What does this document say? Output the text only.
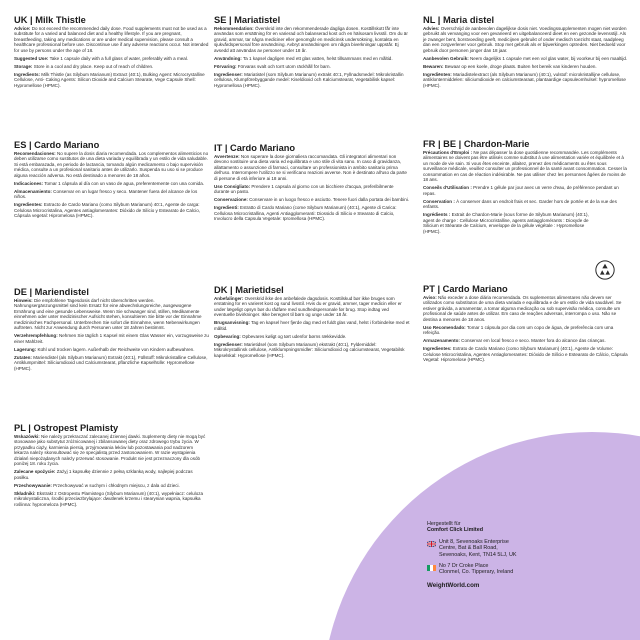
UK | Milk Thistle
Advice: Do not exceed the recommended daily dose. Food supplements must not be used as a substitute for a varied and balanced diet and a healthy lifestyle. If you are pregnant, breastfeeding, taking any medications or are under medical supervision, please consult a healthcare professional before use. Discontinue use if any adverse reactions occur. Not intended for use by persons under the age of 18.
Suggested Use: Take 1 capsule daily with a full glass of water, preferably with a meal.
Storage: Store in a cool and dry place. Keep out of reach of children.
Ingredients: Milk Thistle (as Silybum Marianum) Extract (40:1), Bulking Agent: Microcrystalline Cellulose, Anti- Caking Agents: Silicon Dioxide and Calcium Stearate, Vege Capsule Shell: Hypromellose (HPMC).
ES | Cardo Mariano
Recomendaciones: No supere la dosis diaria recomendada. Los complementos alimenticios no deben utilizarse como sustitutos de una dieta variada y equilibrada y un estilo de vida saludable. Si está embarazada, en periodo de lactancia, tomando algún medicamento o bajo supervisión médica, consulte a un profesional sanitario antes de utilizarlo. Suspenda su uso si se produce alguna reacción adversa. No está destinado a menores de 18 años.
Indicaciones: Tomar 1 cápsula al día con un vaso de agua, preferentemente con una comida.
Almacenamiento: Conservar en un lugar fresco y seco. Mantener fuera del alcance de los niños.
Ingredientes: Extracto de Cardo Mariano (como Silybum Marianum) 40:1, Agente de carga: Celulosa Microcristalina, Agentes antiaglomerantes: Dióxido de Silicio y Estearato de Calcio, Cápsula vegetal: Hipromelosa (HPMC).
DE | Mariendistel
Hinweis: Die empfohlene Tagesdosis darf nicht überschritten werden. Nahrungsergänzungsmittel sind kein Ersatz für eine abwechslungsreiche, ausgewogene Ernährung und eine gesunde Lebensweise. Wenn Sie schwanger sind, stillen, Medikamente einnehmen oder unter medizinischer Aufsicht stehen, konsultieren Sie bitte vor der Einnahme medizinisches Fachpersonal. Unterbrechen Sie sofort die Einnahme, wenn Nebenwirkungen auftreten. Nicht zur Anwendung durch Personen unter 18 Jahren bestimmt.
Verzehrempfehlung: Nehmen Sie täglich 1 Kapsel mit einem Glas Wasser ein, vorzugsweise zu einer Mahlzeit.
Lagerung: Kühl und trocken lagern. Außerhalb der Reichweite von Kindern aufbewahren.
Zutaten: Mariendistel (als Silybum Marianum) Extrakt (40:1), Füllstoff: Mikrokristalline Cellulose, Antiklumpmittel: Siliciumdioxid und Calciumstearat, pflanzliche Kapselhülle: Hypromellose (HPMC).
PL | Ostropest Plamisty
Wskazówki: Nie należy przekraczać zalecanej dziennej dawki. Suplementy diety nie mogą być stosowane jako substytut zróżnicowanej i zbilansowanej diety oraz zdrowego trybu życia. W przypadku ciąży, karmienia piersią, przyjmowania leków lub pozostawania pod nadzorem lekarza należy skonsultować się ze specjalistą przed zastosowaniem. W razie wystąpienia działań niepożądanych należy przerwać stosowanie. Produkt nie jest przeznaczony dla osób poniżej 18. roku życia.
Zalecane spożycie: Zażyj 1 kapsułkę dziennie z pełną szklanką wody, najlepiej podczas posiłku.
Przechowywanie: Przechowywać w suchym i chłodnym miejscu, z dala od dzieci.
Składniki: Ekstrakt z Ostropestu Plamistego (Silybum Marianum) (40:1), wypełniacz: celuloza mikrokrystaliczna, środki przeciwzbrylające: dwutlenek krzemu i stearynian wapnia, kapsułka roślinna: hypromeloza (HPMC).
SE | Mariatistel
Rekommendation: Överskrid inte den rekommenderade dagliga dosen. Kosttillskott får inte användas som ersättning för en varierad och balanserad kost och en hälsosam livsstil. Om du är gravid, ammar, tar några mediciner eller genomgår en medicinsk undersökning, kontakta en sjukvårdspersonal före användning. Avbryt användningen om några biverkningar uppstår. Ej avsedd att användas av personer under 18 år.
Användning: Ta 1 kapsel dagligen med ett glas vatten, helst tillsammans med en måltid.
Förvaring: Förvaras svalt och torrt utom räckhåll för barn.
Ingredienser: Mariatistel (som Silybum Marianum) extrakt 40:1, Fyllnadsmedel: Mikrokristallin cellulosa, Klumpförebyggande medel: Kiseldioxid och Kalciumstearat, Vegetabilisk kapsel: Hypromellosa (HPMC).
IT | Cardo Mariano
Avvertenze: Non superare la dose giornaliera raccomandata. Gli integratori alimentari non devono sostituire una dieta varia ed equilibrata e uno stile di vita sano. In caso di gravidanza, allattamento o assunzione di farmaci, consultare un professionista in ambito sanitario prima dell'uso. Interrompere l'utilizzo se si verificano reazioni avverse. Non è destinato all'uso da parte di persone di età inferiore ai 18 anni.
Uso Consigliato: Prendere 1 capsula al giorno con un bicchiere d'acqua, preferibilmente durante un pasto.
Conservazione: Conservare in un luogo fresco e asciutto. Tenere fuori dalla portata dei bambini.
Ingredienti: Estratto di Cardo Mariano (come Silybum Marianum) (40:1), Agente di Carica: Cellulosa Microcristallina, Agenti Antiagglomeranti: Diossido di Silicio e Stearato di Calcio, Involucro della Capsula Vegetale: Ipromellosa (HPMC).
DK | Marietidsel
Anbefalinger: Overskrid ikke den anbefalede dagsdosis. Kosttilskud bør ikke bruges som erstatning for en varieret kost og sund livsstil. Hvis du er gravid, ammer, tager medicin eller er under lægeligt opsyn bør du rådføre med sundhedspersonale før brug. Stop indtag ved eventuelle bivirkninger. Ikke beregnet til børn og unge under 18 år.
Brugsanvisning: Tag en kapsel hver fjerde dag med et fuldt glas vand, helst i forbindelse med et måltid.
Opbevaring: Opbevares køligt og tørt udenfor børns rækkevidde.
Ingredienser: Marietidsel (som Silybum Marianum) ekstrakt (40:1), Fyldemiddel: Mikrokrystallinsk cellulose, Antiklumpningsmidler: Siliciumdioxid og calciumstearat, Vegetabilsk kapselskal: Hypromellose (HPMC).
NL | Maria distel
Advies: Overschrijd de aanbevolen dagelijkse dosis niet. Voedingssupplementen mogen niet worden gebruikt als vervanging voor een gevarieerd en uitgebalanceerd dieet en een gezonde levensstijl. Als je zwanger bent, borstvoeding geeft, medicijnen gebruikt of onder medisch toezicht staat, raadpleeg dan een zorgverlener voor gebruik. Stop met gebruik als er bijwerkingen optreden. Niet bedoeld voor gebruik door personen jonger dan 18 jaar.
Aanbevolen Gebruik: Neem dagelijks 1 capsule met een vol glas water, bij voorkeur bij een maaltijd.
Bewaren: Bewaar op een koele, droge plaats. Buiten het bereik van kinderen houden.
Ingrediënten: Mariadistelextract (als Silybum Marianum) (40:1), vulstof: microkristallijne cellulose, antiklontermiddelen: siliciumdioxide en calciumstearaat, plantaardige capsuleomhulsel: hypromellose (HPMC).
FR | BE | Chardon-Marie
Précautions d'Emploi : Ne pas dépasser la dose quotidienne recommandée. Les compléments alimentaires ne doivent pas être utilisés comme substitut à une alimentation variée et équilibrée et à un mode de vie sain. Si vous êtes enceinte, allaitez, prenez des médicaments ou êtes sous surveillance médicale, veuillez consulter un professionnel de la santé avant consommation. Cesser la consommation en cas de réaction indésirable. Ne pas utiliser chez les personnes âgées de moins de 18 ans.
Conseils d'Utilisation : Prendre 1 gélule par jour avec un verre d'eau, de préférence pendant un repas.
Conservation : À conserver dans un endroit frais et sec. Garder hors de portée et de la vue des enfants.
Ingrédients : Extrait de Chardon-Marie (sous forme de Silybum Marianum) (40:1), agent de charge : Cellulose Microcristalline, agents antiagglomérants : Dioxyde de Silicium et Stéarate de Calcium, enveloppe de la gélule végétale : Hypromellose (HPMC).
PT | Cardo Mariano
Aviso: Não exceder a dose diária recomendada. Os suplementos alimentares não devem ser utilizados como substitutos de uma dieta variada e equilibrada e de um estilo de vida saudável. Se estiver grávida, a amamentar, a tomar alguma medicação ou sob supervisão médica, consulte um profissional de saúde antes de utilizar. Em caso de reações adversas, interrompa o uso. Não se destina a menores de 18 anos.
Uso Recomendado: Tomar 1 cápsula por dia com um copo de água, de preferência com uma refeição.
Armazenamento: Conservar em local fresco e seco. Manter fora do alcance das crianças.
Ingredientes: Extrato de Cardo Mariano (como Silybum Marianum) (40:1), Agente de Volume: Celulose Microcristalina, Agentes Antiaglomerantes: Dióxido de Silício e Estearato de Cálcio, Cápsula Vegetal: Hipromelose (HPMC).
Hergestellt für
Comfort Click Limited
Unit 8, Sevenoaks Enterprise
Centre, Bat & Ball Road,
Sevenoaks, Kent, TN14 5LJ, UK
No 7 Dr Croke Place
Clonmel, Co. Tipperary, Ireland
WeightWorld.com
